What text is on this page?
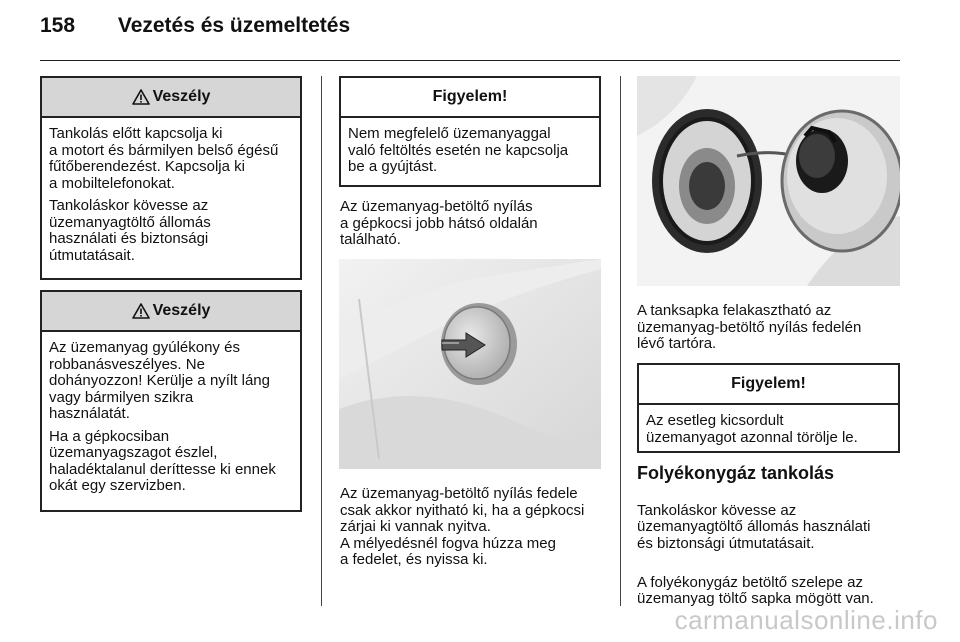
158 Vezetés és üzemeltetés
Veszély

Tankolás előtt kapcsolja ki
a motort és bármilyen belső égésű
fűtőberendezést. Kapcsolja ki
a mobiltelefonokat.

Tankoláskor kövesse az
üzemanyagtöltő állomás
használati és biztonsági
útmutatásait.

Veszély

Az üzemanyag gyúlékony és
robbanásveszélyes. Ne
dohányozzon! Kerülje a nyílt láng
vagy bármilyen szikra
használatát.

Ha a gépkocsiban
üzemanyagszagot észlel,
haladéktalanul deríttesse ki ennek
okát egy szervizben.

Figyelem!

Nem megfelelő üzemanyaggal
való feltöltés esetén ne kapcsolja
be a gyújtást.

Az üzemanyag-betöltő nyílás
a gépkocsi jobb hátsó oldalán
található.
Az üzemanyag-betöltő nyílás fedele
csak akkor nyitható ki, ha a gépkocsi
zárjai ki vannak nyitva.
A mélyedésnél fogva húzza meg
a fedelet, és nyissa ki.
A tanksapka felakasztható az
üzemanyag-betöltő nyílás fedelén
lévő tartóra.
Figyelem!

Az esetleg kicsordult
üzemanyagot azonnal törölje le.

Folyékonygáz tankolás

Tankoláskor kövesse az
üzemanyagtöltő állomás használati
és biztonsági útmutatásait.

A folyékonygáz betöltő szelepe az
üzemanyag töltő sapka mögött van.

carmanualsonline.info
